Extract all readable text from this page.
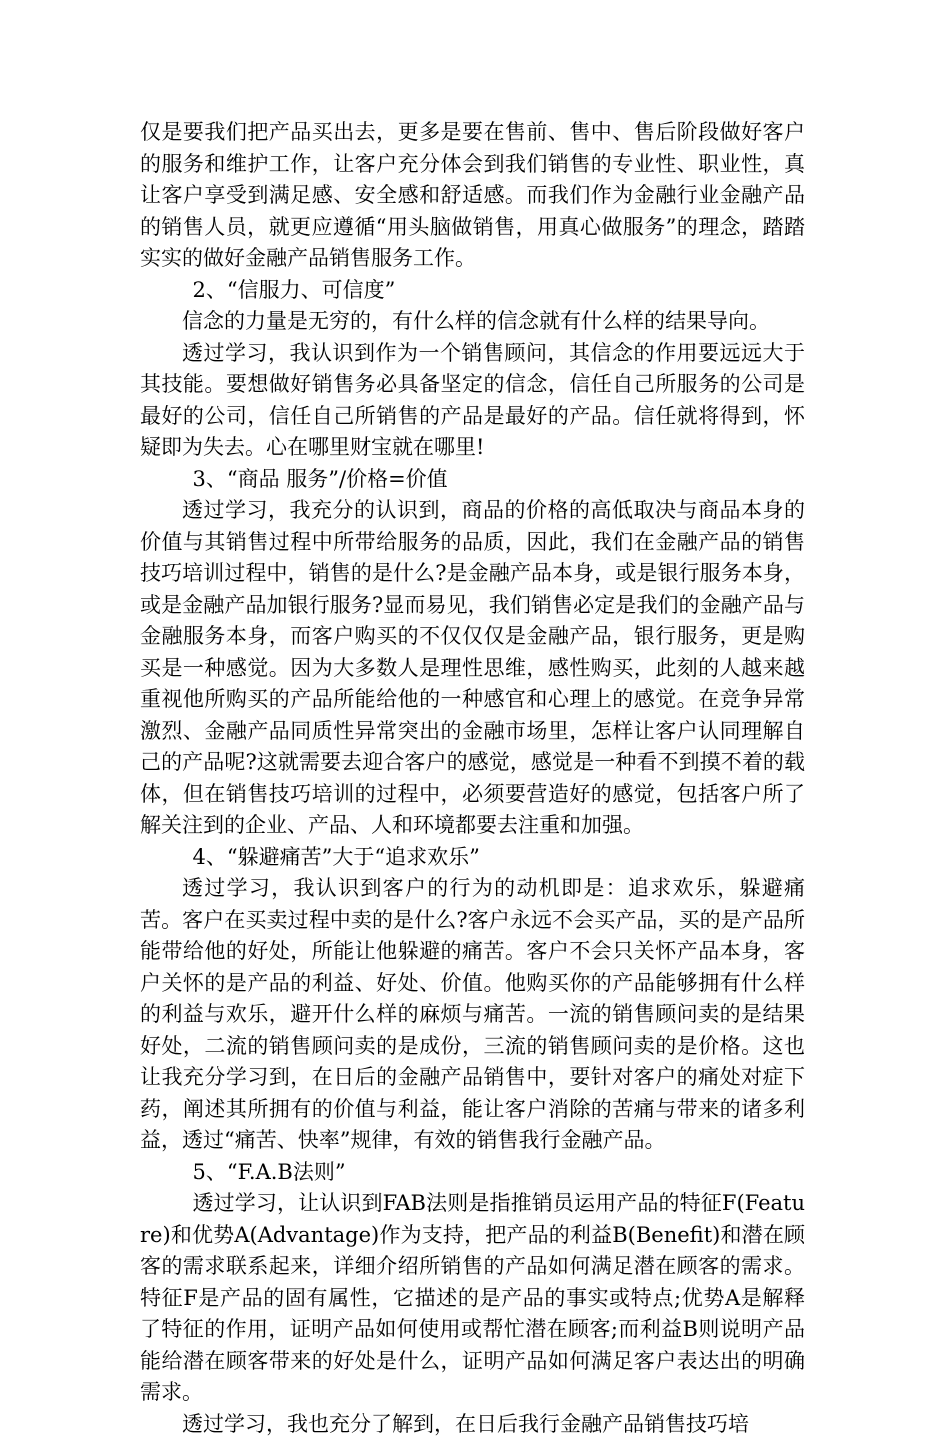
仅是要我们把产品买出去，更多是要在售前、售中、售后阶段做好客户的服务和维护工作，让客户充分体会到我们销售的专业性、职业性，真让客户享受到满足感、安全感和舒适感。而我们作为金融行业金融产品的销售人员，就更应遵循“用头脑做销售，用真心做服务”的理念，踏踏实实的做好金融产品销售服务工作。

2、“信服力、可信度”

信念的力量是无穷的，有什么样的信念就有什么样的结果导向。

透过学习，我认识到作为一个销售顾问，其信念的作用要远远大于其技能。要想做好销售务必具备坚定的信念，信任自己所服务的公司是最好的公司，信任自己所销售的产品是最好的产品。信任就将得到，怀疑即为失去。心在哪里财宝就在哪里!

3、“商品 服务”/价格=价值

透过学习，我充分的认识到，商品的价格的高低取决与商品本身的价值与其销售过程中所带给服务的品质，因此，我们在金融产品的销售技巧培训过程中，销售的是什么?是金融产品本身，或是银行服务本身，或是金融产品加银行服务?显而易见，我们销售必定是我们的金融产品与金融服务本身，而客户购买的不仅仅仅是金融产品，银行服务，更是购买是一种感觉。因为大多数人是理性思维，感性购买，此刻的人越来越重视他所购买的产品所能给他的一种感官和心理上的感觉。在竞争异常激烈、金融产品同质性异常突出的金融市场里，怎样让客户认同理解自己的产品呢?这就需要去迎合客户的感觉，感觉是一种看不到摸不着的载体，但在销售技巧培训的过程中，必须要营造好的感觉，包括客户所了解关注到的企业、产品、人和环境都要去注重和加强。

4、“躲避痛苦”大于“追求欢乐”

透过学习，我认识到客户的行为的动机即是：追求欢乐，躲避痛苦。客户在买卖过程中卖的是什么?客户永远不会买产品，买的是产品所能带给他的好处，所能让他躲避的痛苦。客户不会只关怀产品本身，客户关怀的是产品的利益、好处、价值。他购买你的产品能够拥有什么样的利益与欢乐，避开什么样的麻烦与痛苦。一流的销售顾问卖的是结果好处，二流的销售顾问卖的是成份，三流的销售顾问卖的是价格。这也让我充分学习到，在日后的金融产品销售中，要针对客户的痛处对症下药，阐述其所拥有的价值与利益，能让客户消除的苦痛与带来的诸多利益，透过“痛苦、快率”规律，有效的销售我行金融产品。

5、“F.A.B法则”

透过学习，让认识到FAB法则是指推销员运用产品的特征F(Feature)和优势A(Advantage)作为支持，把产品的利益B(Benefit)和潜在顾客的需求联系起来，详细介绍所销售的产品如何满足潜在顾客的需求。特征F是产品的固有属性，它描述的是产品的事实或特点;优势A是解释了特征的作用，证明产品如何使用或帮忙潜在顾客;而利益B则说明产品能给潜在顾客带来的好处是什么，证明产品如何满足客户表达出的明确需求。

透过学习，我也充分了解到，在日后我行金融产品销售技巧培
